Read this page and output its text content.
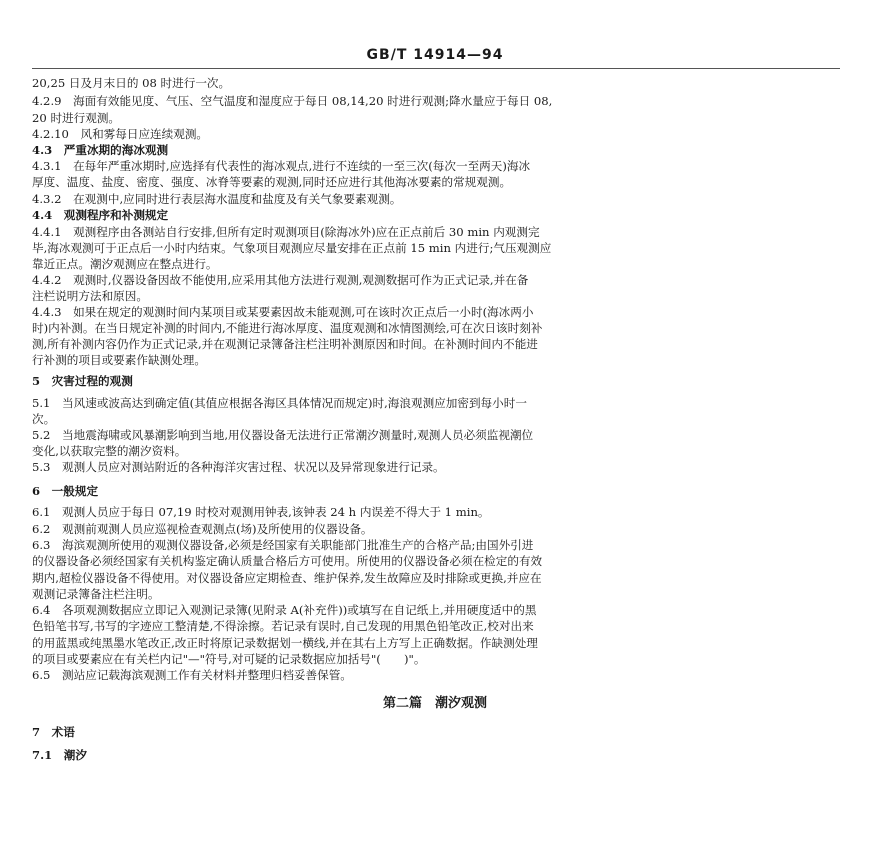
GB/T 14914—94
20,25 日及月末日的 08 时进行一次。
4.2.9　海面有效能见度、气压、空气温度和湿度应于每日 08,14,20 时进行观测;降水量应于每日 08,
20 时进行观测。
4.2.10　风和雾每日应连续观测。
4.3　严重冰期的海冰观测
4.3.1　在每年严重冰期时,应选择有代表性的海冰观点,进行不连续的一至三次(每次一至两天)海冰
厚度、温度、盐度、密度、强度、冰脊等要素的观测,同时还应进行其他海冰要素的常规观测。
4.3.2　在观测中,应同时进行表层海水温度和盐度及有关气象要素观测。
4.4　观测程序和补测规定
4.4.1　观测程序由各测站自行安排,但所有定时观测项目(除海冰外)应在正点前后 30 min 内观测完
毕,海冰观测可于正点后一小时内结束。气象项目观测应尽量安排在正点前 15 min 内进行;气压观测应
靠近正点。潮汐观测应在整点进行。
4.4.2　观测时,仪器设备因故不能使用,应采用其他方法进行观测,观测数据可作为正式记录,并在备
注栏说明方法和原因。
4.4.3　如果在规定的观测时间内某项目或某要素因故未能观测,可在该时次正点后一小时(海冰两小
时)内补测。在当日规定补测的时间内,不能进行海冰厚度、温度观测和冰情图测绘,可在次日该时刻补
测,所有补测内容仍作为正式记录,并在观测记录簿备注栏注明补测原因和时间。在补测时间内不能进
行补测的项目或要素作缺测处理。
5　灾害过程的观测
5.1　当风速或波高达到确定值(其值应根据各海区具体情况而规定)时,海浪观测应加密到每小时一
次。
5.2　当地震海啸或风暴潮影响到当地,用仪器设备无法进行正常潮汐测量时,观测人员必须监视潮位
变化,以获取完整的潮汐资料。
5.3　观测人员应对测站附近的各种海洋灾害过程、状况以及异常现象进行记录。
6　一般规定
6.1　观测人员应于每日 07,19 时校对观测用钟表,该钟表 24 h 内误差不得大于 1 min。
6.2　观测前观测人员应巡视检查观测点(场)及所使用的仪器设备。
6.3　海滨观测所使用的观测仪器设备,必须是经国家有关职能部门批准生产的合格产品;由国外引进
的仪器设备必须经国家有关机构鉴定确认质量合格后方可使用。所使用的仪器设备必须在检定的有效
期内,超检仪器设备不得使用。对仪器设备应定期检查、维护保养,发生故障应及时排除或更换,并应在
观测记录簿备注栏注明。
6.4　各项观测数据应立即记入观测记录簿(见附录 A(补充件))或填写在自记纸上,并用硬度适中的黑
色铅笔书写,书写的字迹应工整清楚,不得涂擦。若记录有误时,自己发现的用黑色铅笔改正,校对出来
的用蓝黑或纯黑墨水笔改正,改正时将原记录数据划一横线,并在其右上方写上正确数据。作缺测处理
的项目或要素应在有关栏内记"—"符号,对可疑的记录数据应加括号"(　　)"。
6.5　测站应记载海滨观测工作有关材料并整理归档妥善保管。
第二篇　潮汐观测
7　术语
7.1　潮汐
